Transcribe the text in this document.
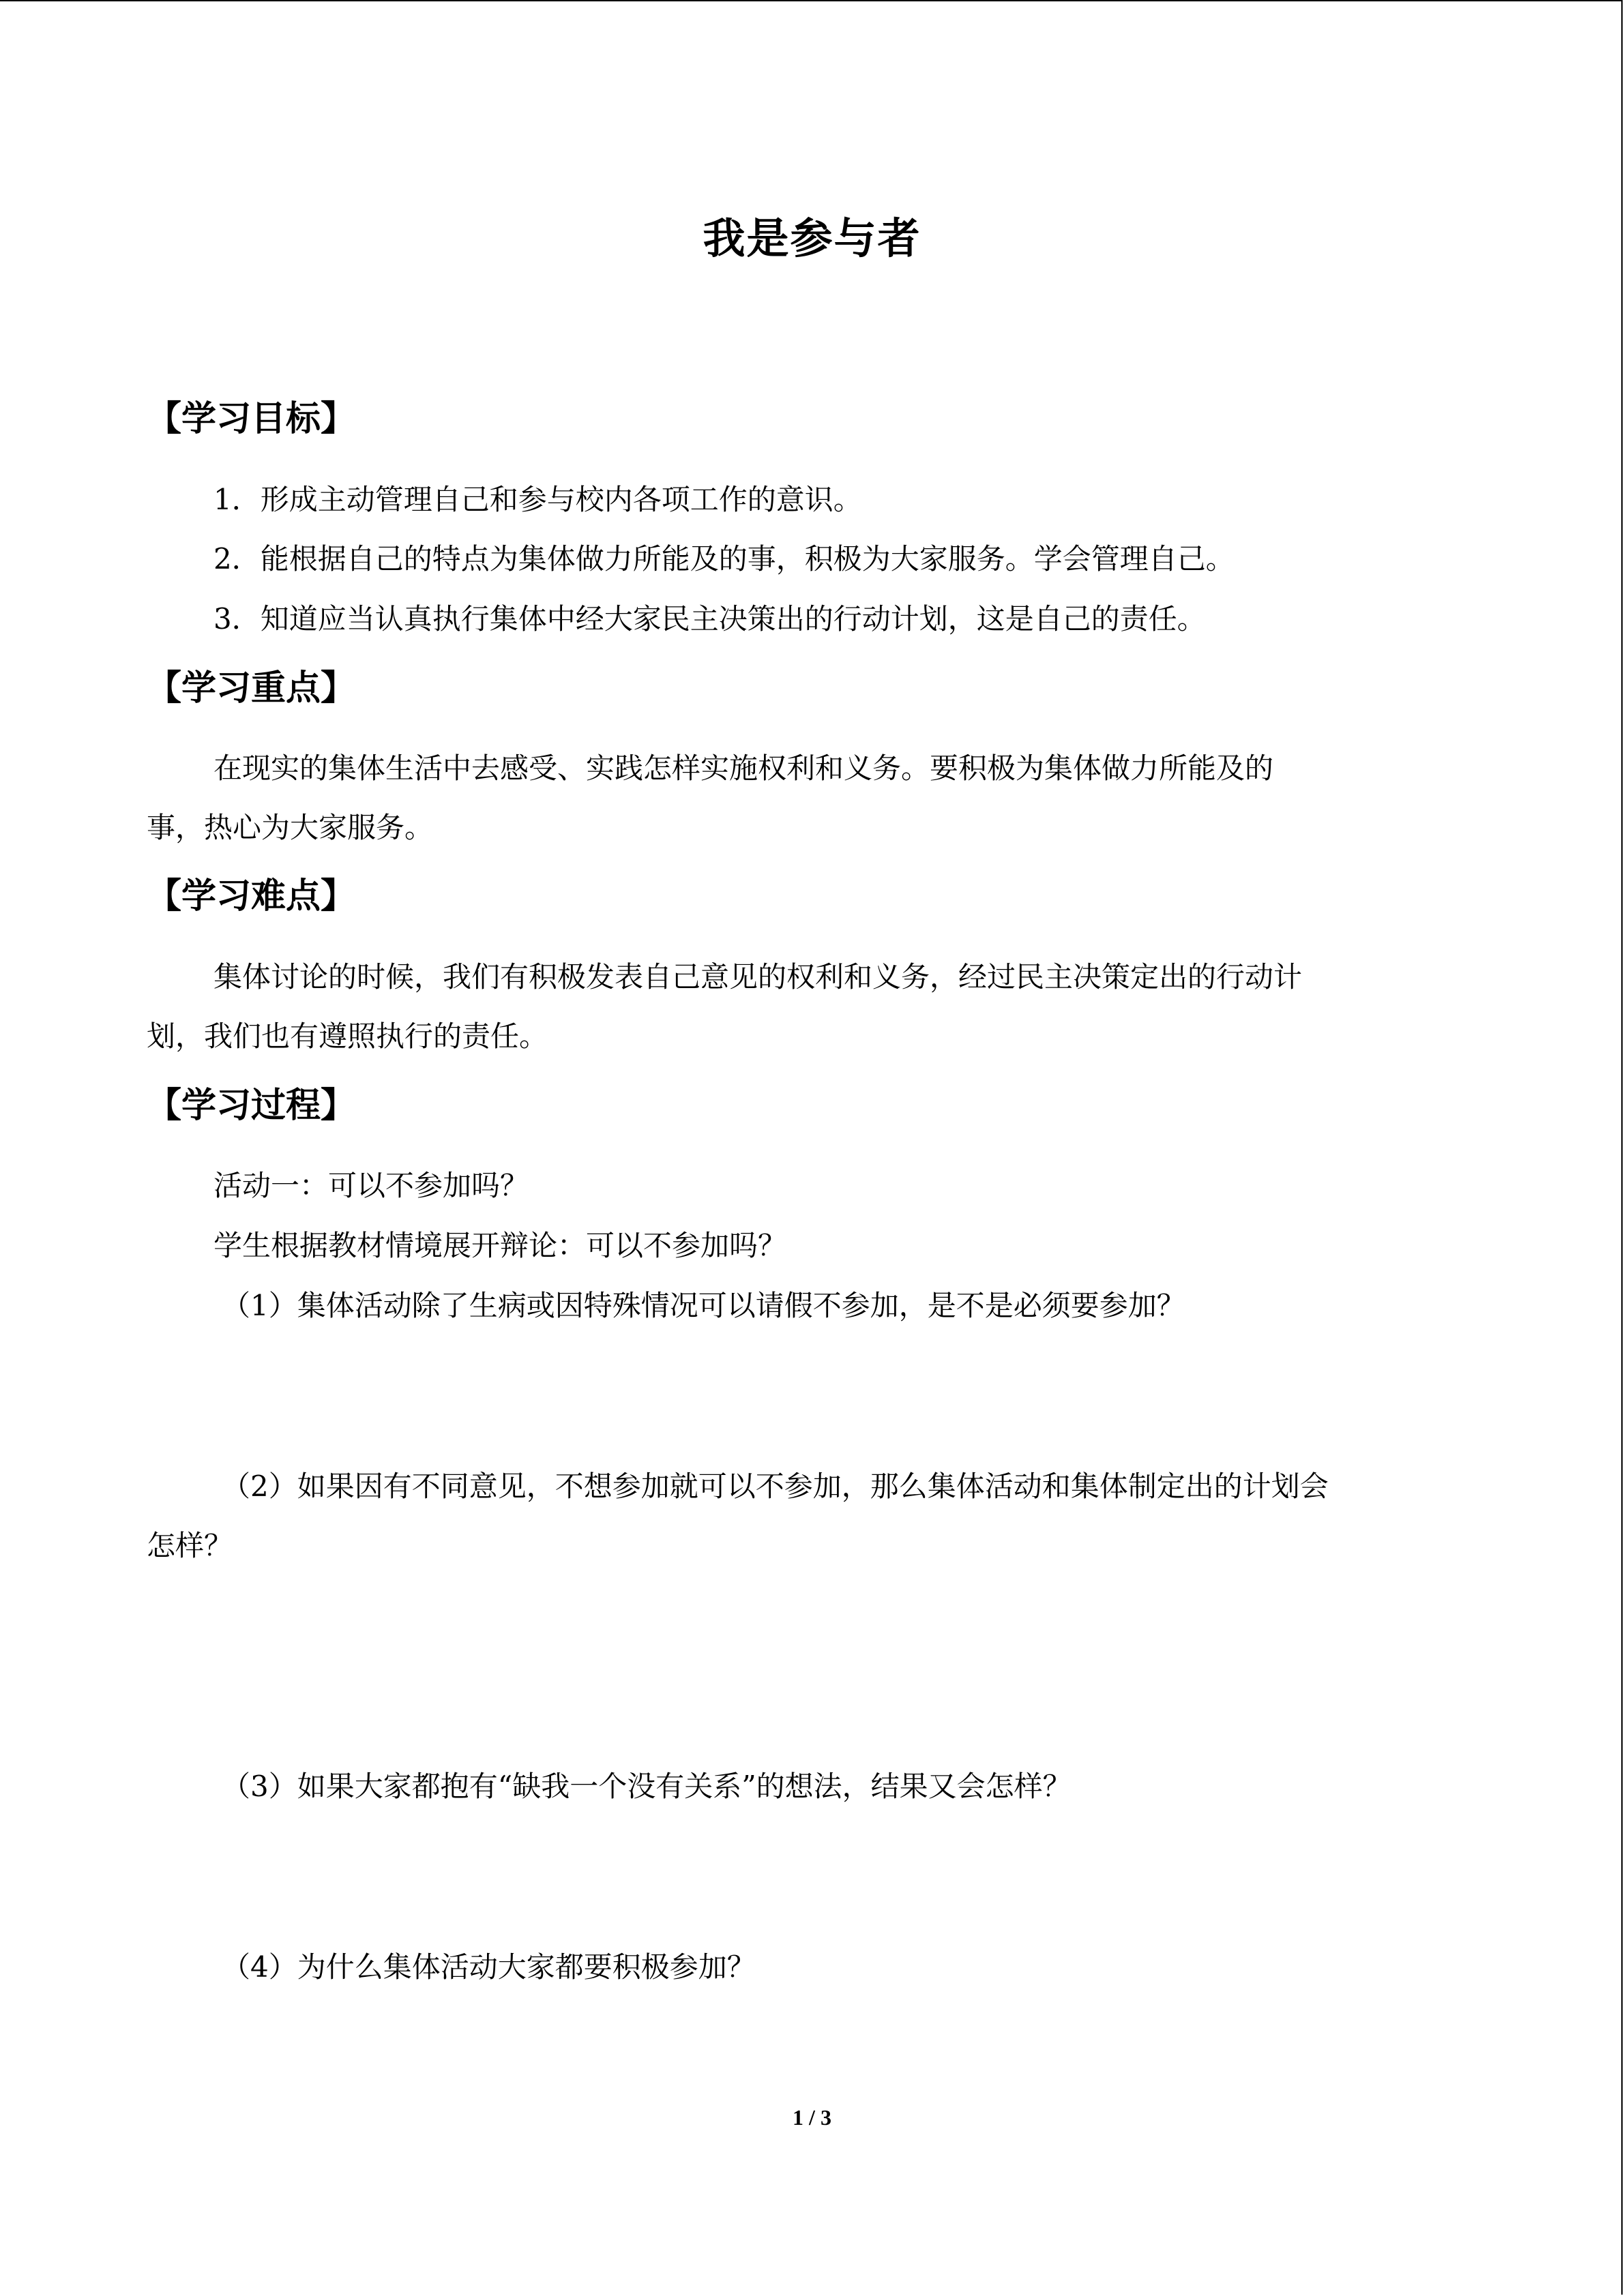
我是参与者
【学习目标】
1．形成主动管理自己和参与校内各项工作的意识。
2．能根据自己的特点为集体做力所能及的事，积极为大家服务。学会管理自己。
3．知道应当认真执行集体中经大家民主决策出的行动计划，这是自己的责任。
【学习重点】
在现实的集体生活中去感受、实践怎样实施权利和义务。要积极为集体做力所能及的
事，热心为大家服务。
【学习难点】
集体讨论的时候，我们有积极发表自己意见的权利和义务，经过民主决策定出的行动计
划，我们也有遵照执行的责任。
【学习过程】
活动一：可以不参加吗？
学生根据教材情境展开辩论：可以不参加吗？
（1）集体活动除了生病或因特殊情况可以请假不参加，是不是必须要参加？
（2）如果因有不同意见，不想参加就可以不参加，那么集体活动和集体制定出的计划会
怎样？
（3）如果大家都抱有“缺我一个没有关系”的想法，结果又会怎样？
（4）为什么集体活动大家都要积极参加？
1 / 3
